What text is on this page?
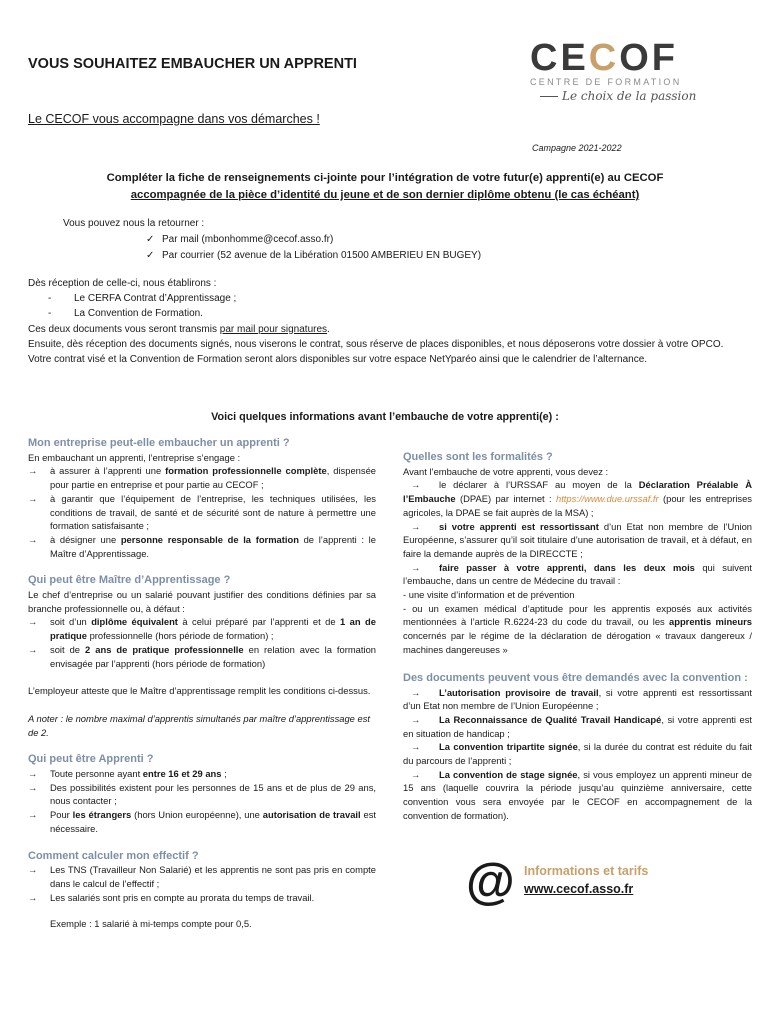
VOUS SOUHAITEZ EMBAUCHER UN APPRENTI	CECOF
CENTRE DE FORMATION
Le choix de la passion
Le CECOF vous accompagne dans vos démarches !
Campagne 2021-2022
Compléter la fiche de renseignements ci-jointe pour l’intégration de votre futur(e) apprenti(e) au CECOF
accompagnée de la pièce d’identité du jeune et de son dernier diplôme obtenu (le cas échéant)
Vous pouvez nous la retourner :
✓ Par mail (mbonhomme@cecof.asso.fr)
✓ Par courrier (52 avenue de la Libération 01500 AMBERIEU EN BUGEY)
Dès réception de celle-ci, nous établirons :
- Le CERFA Contrat d’Apprentissage ;
- La Convention de Formation.
Ces deux documents vous seront transmis par mail pour signatures.
Ensuite, dès réception des documents signés, nous viserons le contrat, sous réserve de places disponibles, et nous déposerons votre dossier à votre OPCO.
Votre contrat visé et la Convention de Formation seront alors disponibles sur votre espace NetYparéo ainsi que le calendrier de l’alternance.
Voici quelques informations avant l’embauche de votre apprenti(e) :
Mon entreprise peut-elle embaucher un apprenti ?
En embauchant un apprenti, l’entreprise s’engage :
→ à assurer à l’apprenti une formation professionnelle complète, dispensée pour partie en entreprise et pour partie au CECOF ;
→ à garantir que l’équipement de l’entreprise, les techniques utilisées, les conditions de travail, de santé et de sécurité sont de nature à permettre une formation satisfaisante ;
→ à désigner une personne responsable de la formation de l’apprenti : le Maître d’Apprentissage.
Qui peut être Maître d’Apprentissage ?
Le chef d’entreprise ou un salarié pouvant justifier des conditions définies par sa branche professionnelle ou, à défaut :
→ soit d’un diplôme équivalent à celui préparé par l’apprenti et de 1 an de pratique professionnelle (hors période de formation) ;
→ soit de 2 ans de pratique professionnelle en relation avec la formation envisagée par l’apprenti (hors période de formation)
L’employeur atteste que le Maître d’apprentissage remplit les conditions ci-dessus.
A noter : le nombre maximal d’apprentis simultanés par maître d’apprentissage est de 2.
Qui peut être Apprenti ?
→ Toute personne ayant entre 16 et 29 ans ;
→ Des possibilités existent pour les personnes de 15 ans et de plus de 29 ans, nous contacter ;
→ Pour les étrangers (hors Union européenne), une autorisation de travail est nécessaire.
Comment calculer mon effectif ?
→ Les TNS (Travailleur Non Salarié) et les apprentis ne sont pas pris en compte dans le calcul de l’effectif ;
→ Les salariés sont pris en compte au prorata du temps de travail.
Exemple : 1 salarié à mi-temps compte pour 0,5.
Quelles sont les formalités ?
Avant l’embauche de votre apprenti, vous devez :
→ le déclarer à l’URSSAF au moyen de la Déclaration Préalable À l’Embauche (DPAE) par internet : https://www.due.urssaf.fr (pour les entreprises agricoles, la DPAE se fait auprès de la MSA) ;
→ si votre apprenti est ressortissant d’un Etat non membre de l’Union Européenne, s’assurer qu’il soit titulaire d’une autorisation de travail, et à défaut, en faire la demande auprès de la DIRECCTE ;
→ faire passer à votre apprenti, dans les deux mois qui suivent l’embauche, dans un centre de Médecine du travail :
- une visite d’information et de prévention
- ou un examen médical d’aptitude pour les apprentis exposés aux activités mentionnées à l’article R.6224-23 du code du travail, ou les apprentis mineurs concernés par le régime de la déclaration de dérogation « travaux dangereux / machines dangereuses »
Des documents peuvent vous être demandés avec la convention :
→ L’autorisation provisoire de travail, si votre apprenti est ressortissant d’un Etat non membre de l’Union Européenne ;
→ La Reconnaissance de Qualité Travail Handicapé, si votre apprenti est en situation de handicap ;
→ La convention tripartite signée, si la durée du contrat est réduite du fait du parcours de l’apprenti ;
→ La convention de stage signée, si vous employez un apprenti mineur de 15 ans (laquelle couvrira la période jusqu’au quinzième anniversaire, cette convention vous sera envoyée par le CECOF en accompagnement de la convention de formation).
@ Informations et tarifs
www.cecof.asso.fr
